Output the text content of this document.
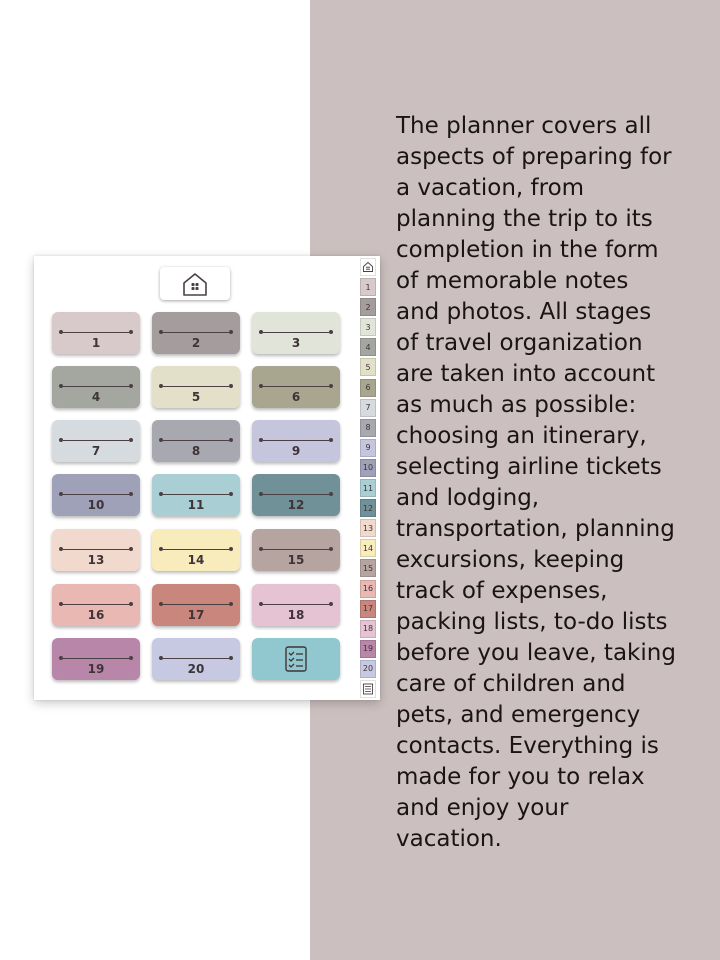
The planner covers all
aspects of preparing for
a vacation, from
planning the trip to its
completion in the form
of memorable notes
and photos. All stages
of travel organization
are taken into account
as much as possible:
choosing an itinerary,
selecting airline tickets
and lodging,
transportation, planning
excursions, keeping
track of expenses,
packing lists, to-do lists
before you leave, taking
care of children and
pets, and emergency
contacts. Everything is
made for you to relax
and enjoy your
vacation.

1	2	3
4	5	6
7	8	9
10	11	12
13	14	15
16	17	18
19	20
1
2
3
4
5
6
7
8
9
10
11
12
13
14
15
16
17
18
19
20
